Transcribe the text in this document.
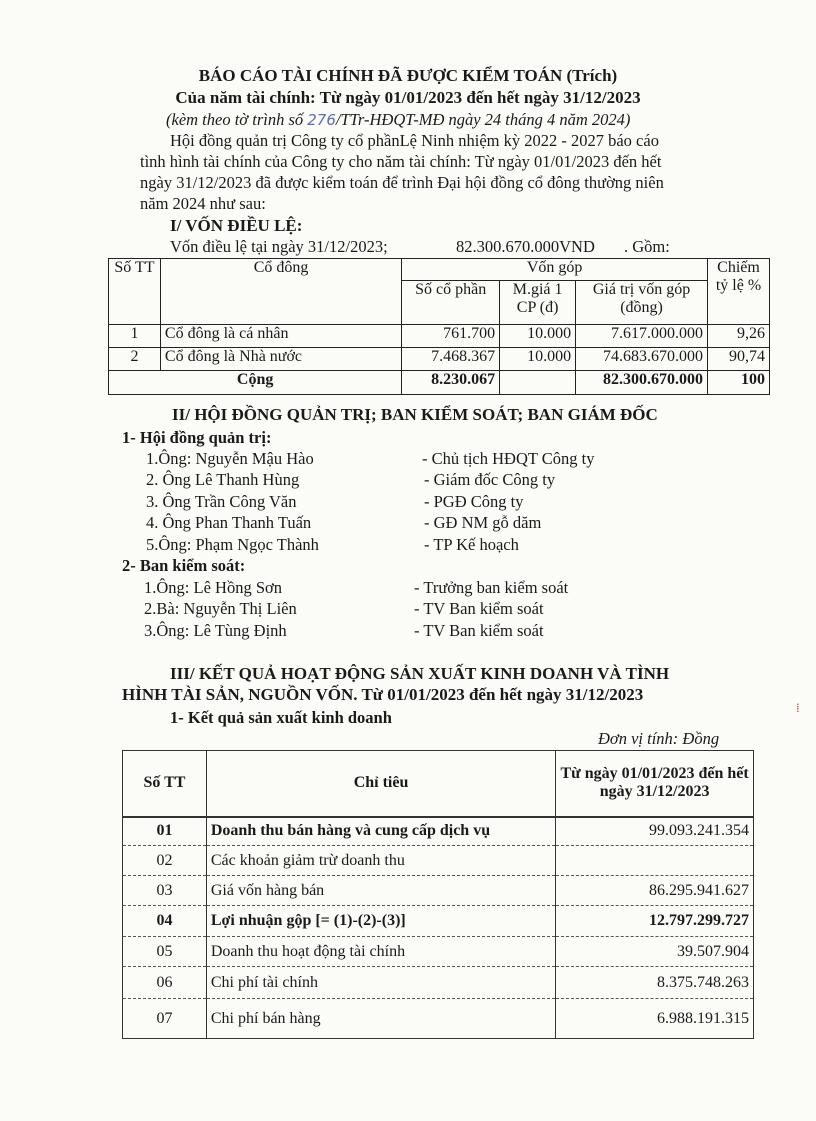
BÁO CÁO TÀI CHÍNH ĐÃ ĐƯỢC KIỂM TOÁN (Trích)
Của năm tài chính: Từ ngày 01/01/2023 đến hết ngày 31/12/2023
(kèm theo tờ trình số 276/TTr-HĐQT-MĐ ngày 24 tháng 4 năm 2024)
Hội đồng quản trị Công ty cổ phầnLệ Ninh nhiệm kỳ 2022 - 2027 báo cáo
tình hình tài chính của Công ty cho năm tài chính: Từ ngày 01/01/2023 đến hết
ngày 31/12/2023 đã được kiểm toán để trình Đại hội đồng cổ đông thường niên
năm 2024 như sau:
I/ VỐN ĐIỀU LỆ:
Vốn điều lệ tại ngày 31/12/2023;	82.300.670.000VND . Gồm:
Số TT	Cổ đông	Vốn góp			Chiếm tỷ lệ %
		Số cổ phần	M.giá 1 CP (đ)	Giá trị vốn góp (đồng)	
1	Cổ đông là cá nhân	761.700	10.000	7.617.000.000	9,26
2	Cổ đông là Nhà nước	7.468.367	10.000	74.683.670.000	90,74
Cộng		8.230.067		82.300.670.000	100
II/ HỘI ĐỒNG QUẢN TRỊ; BAN KIỂM SOÁT; BAN GIÁM ĐỐC
1- Hội đồng quản trị:
1.Ông: Nguyễn Mậu Hào	- Chủ tịch HĐQT Công ty
2. Ông Lê Thanh Hùng	- Giám đốc Công ty
3. Ông Trần Công Văn	- PGĐ Công ty
4. Ông Phan Thanh Tuấn	- GĐ NM gỗ dăm
5.Ông: Phạm Ngọc Thành	- TP Kế hoạch
2- Ban kiểm soát:
1.Ông: Lê Hồng Sơn	- Trưởng ban kiểm soát
2.Bà: Nguyễn Thị Liên	- TV Ban kiểm soát
3.Ông: Lê Tùng Định	- TV Ban kiểm soát
III/ KẾT QUẢ HOẠT ĐỘNG SẢN XUẤT KINH DOANH VÀ TÌNH
HÌNH TÀI SẢN, NGUỒN VỐN. Từ 01/01/2023 đến hết ngày 31/12/2023
1- Kết quả sản xuất kinh doanh
Đơn vị tính: Đồng
Số TT	Chỉ tiêu	Từ ngày 01/01/2023 đến hết ngày 31/12/2023
01	Doanh thu bán hàng và cung cấp dịch vụ	99.093.241.354
02	Các khoản giảm trừ doanh thu	
03	Giá vốn hàng bán	86.295.941.627
04	Lợi nhuận gộp [= (1)-(2)-(3)]	12.797.299.727
05	Doanh thu hoạt động tài chính	39.507.904
06	Chi phí tài chính	8.375.748.263
07	Chi phí bán hàng	6.988.191.315
⁞
